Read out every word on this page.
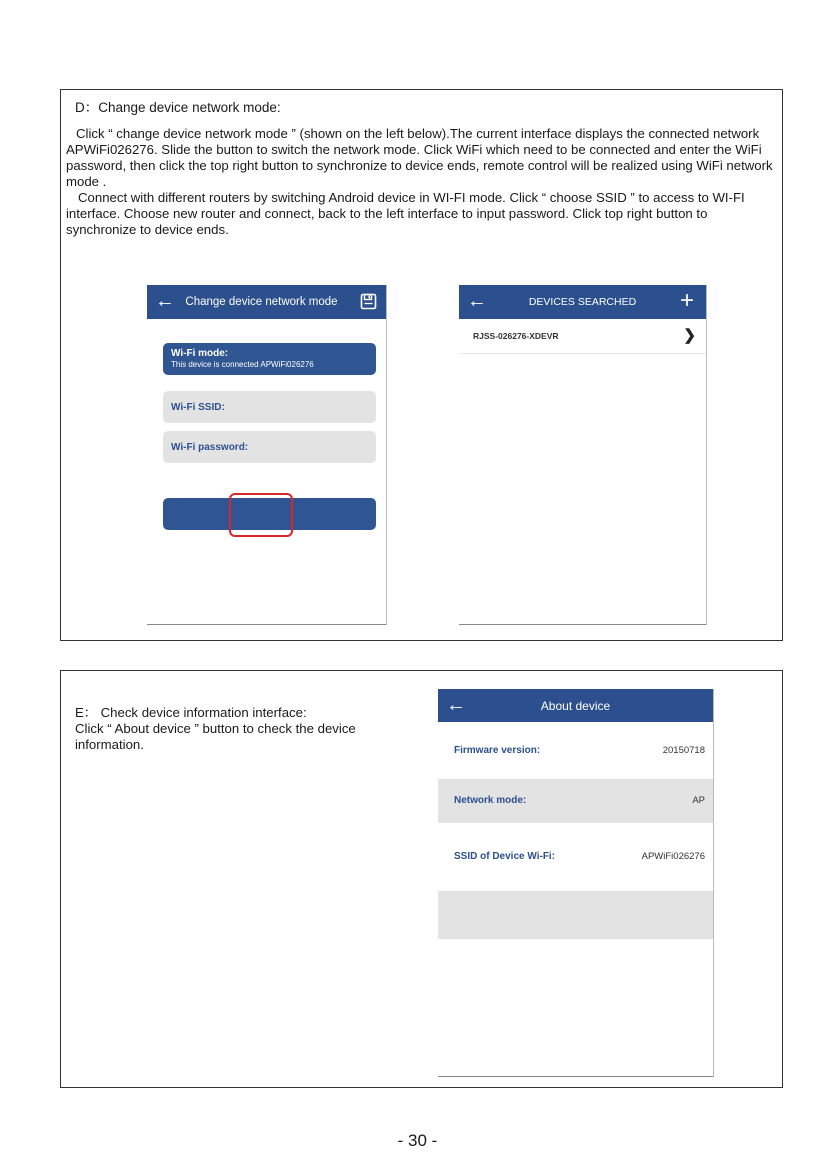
D：Change device network mode:

Click “ change device network mode ” (shown on the left below).The current interface displays the connected network APWiFi026276. Slide the button to switch the network mode. Click WiFi which need to be connected and enter the WiFi password, then click the top right button to synchronize to device ends, remote control will be realized using WiFi network mode .

Connect with different routers by switching Android device in WI-FI mode. Click “ choose SSID ” to access to WI-FI interface. Choose new router and connect, back to the left interface to input password. Click top right button to synchronize to device ends.

← Change device network mode
Wi-Fi mode:
This device is connected APWiFi026276
Wi-Fi SSID:
Wi-Fi password:
←	DEVICES SEARCHED	+
RJSS-026276-XDEVR	❯

E： Check device information interface:

Click “ About device ” button to check the device information.

←	About device
Firmware version:	20150718
Network mode:	AP
SSID of Device Wi-Fi:	APWiFi026276
- 30 -
